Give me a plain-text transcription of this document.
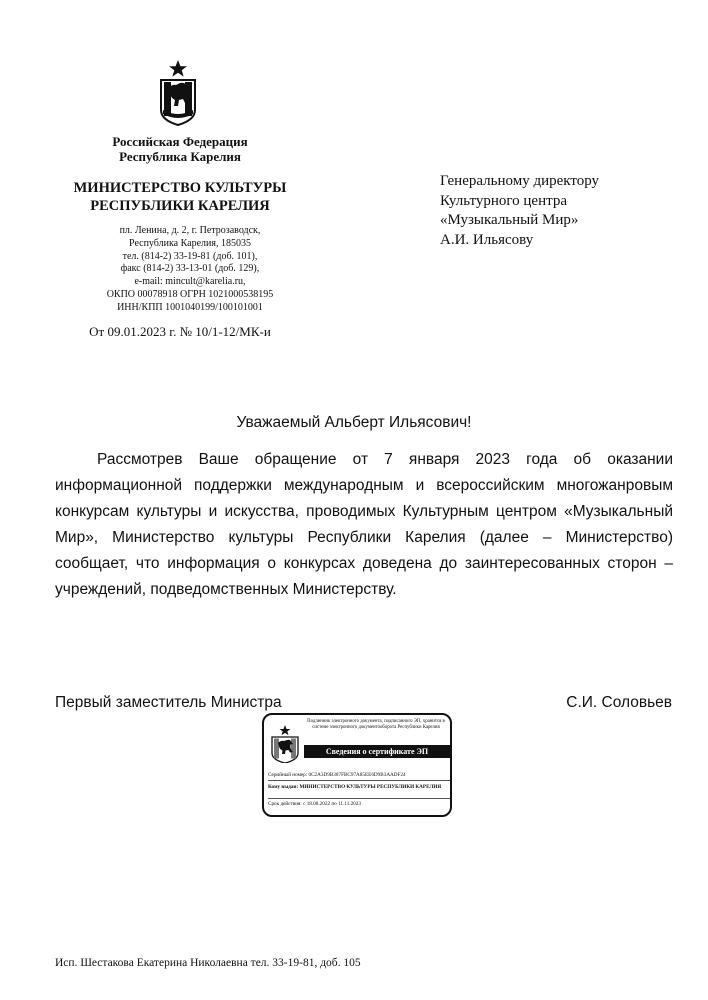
Российская Федерация
Республика Карелия
МИНИСТЕРСТВО КУЛЬТУРЫ
РЕСПУБЛИКИ КАРЕЛИЯ
пл. Ленина, д. 2, г. Петрозаводск,
Республика Карелия, 185035
тел. (814-2) 33-19-81 (доб. 101),
факс (814-2) 33-13-01 (доб. 129),
e-mail: mincult@karelia.ru,
ОКПО 00078918 ОГРН 1021000538195
ИНН/КПП 1001040199/100101001
От 09.01.2023 г. № 10/1-12/МК-и
Генеральному директору
Культурного центра
«Музыкальный Мир»
А.И. Ильясову
Уважаемый Альберт Ильясович!

Рассмотрев Ваше обращение от 7 января 2023 года об оказании информационной поддержки международным и всероссийским многожанровым конкурсам культуры и искусства, проводимых Культурным центром «Музыкальный Мир», Министерство культуры Республики Карелия (далее – Министерство) сообщает, что информация о конкурсах доведена до заинтересованных сторон – учреждений, подведомственных Министерству.

Первый заместитель Министра	С.И. Соловьев
Подлинник электронного документа, подписанного ЭП, хранится в системе электронного документооборота Республики Карелия
Сведения о сертификате ЭП
Серийный номер: 0C2A3D9B387FBC97A85EE6D9B3AADF24
Кому выдан: МИНИСТЕРСТВО КУЛЬТУРЫ РЕСПУБЛИКИ КАРЕЛИЯ
Срок действия: с 18.08.2022 по 11.11.2023
Исп. Шестакова Екатерина Николаевна тел. 33-19-81, доб. 105
